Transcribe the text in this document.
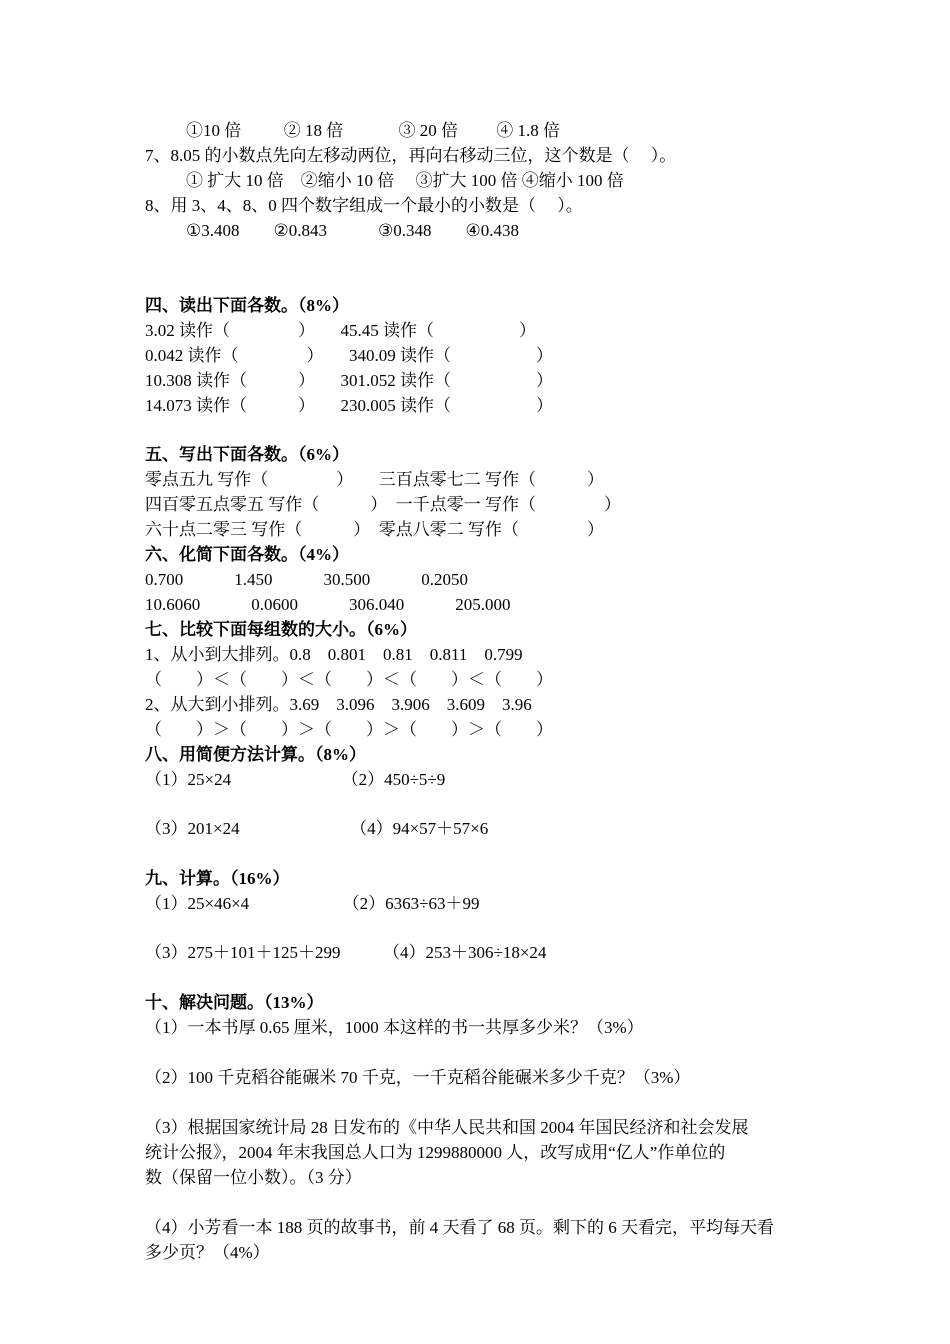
①10 倍 　　 ② 18 倍 　　　③ 20 倍 　　④ 1.8 倍
7、8.05 的小数点先向左移动两位，再向右移动三位，这个数是（　 ）。
① 扩大 10 倍　②缩小 10 倍　 ③扩大 100 倍 ④缩小 100 倍
8、用 3、4、8、0 四个数字组成一个最小的小数是（　 ）。
①3.408　　②0.843　　　③0.348　　④0.438
四、读出下面各数。（8%）
3.02 读作（　　　　）　　45.45 读作（　　　　　）
0.042 读作（　　　　）　　340.09 读作（　　　　　）
10.308 读作（　　　）　　301.052 读作（　　　　　）
14.073 读作（　　　）　　230.005 读作（　　　　　）
五、写出下面各数。（6%）
零点五九 写作（　　　　）　　三百点零七二 写作（　　　）
四百零五点零五 写作（　　　）　一千点零一 写作（　　　　）
六十点二零三 写作（　　　）　零点八零二 写作（　　　　）
六、化简下面各数。（4%）
0.700　　　1.450　　　30.500　　　0.2050
10.6060　　　0.0600　　　306.040　　　205.000
七、比较下面每组数的大小。（6%）
1、从小到大排列。0.8　0.801　0.81　0.811　0.799
（　　）＜（　　）＜（　　）＜（　　）＜（　　）
2、从大到小排列。3.69　3.096　3.906　3.609　3.96
（　　）＞（　　）＞（　　）＞（　　）＞（　　）
八、用简便方法计算。（8%）
（1）25×24　　　　　　　（2）450÷5÷9
（3）201×24　　　　　　　（4）94×57＋57×6
九、计算。（16%）
（1）25×46×4　　　　　　（2）6363÷63＋99
（3）275＋101＋125＋299　　　（4）253＋306÷18×24
十、解决问题。（13%）
（1）一本书厚 0.65 厘米，1000 本这样的书一共厚多少米？（3%）
（2）100 千克稻谷能碾米 70 千克，一千克稻谷能碾米多少千克？（3%）
（3）根据国家统计局 28 日发布的《中华人民共和国 2004 年国民经济和社会发展
统计公报》，2004 年末我国总人口为 1299880000 人，改写成用“亿人”作单位的
数（保留一位小数）。（3 分）
（4）小芳看一本 188 页的故事书，前 4 天看了 68 页。剩下的 6 天看完，平均每天看
多少页？（4%）
